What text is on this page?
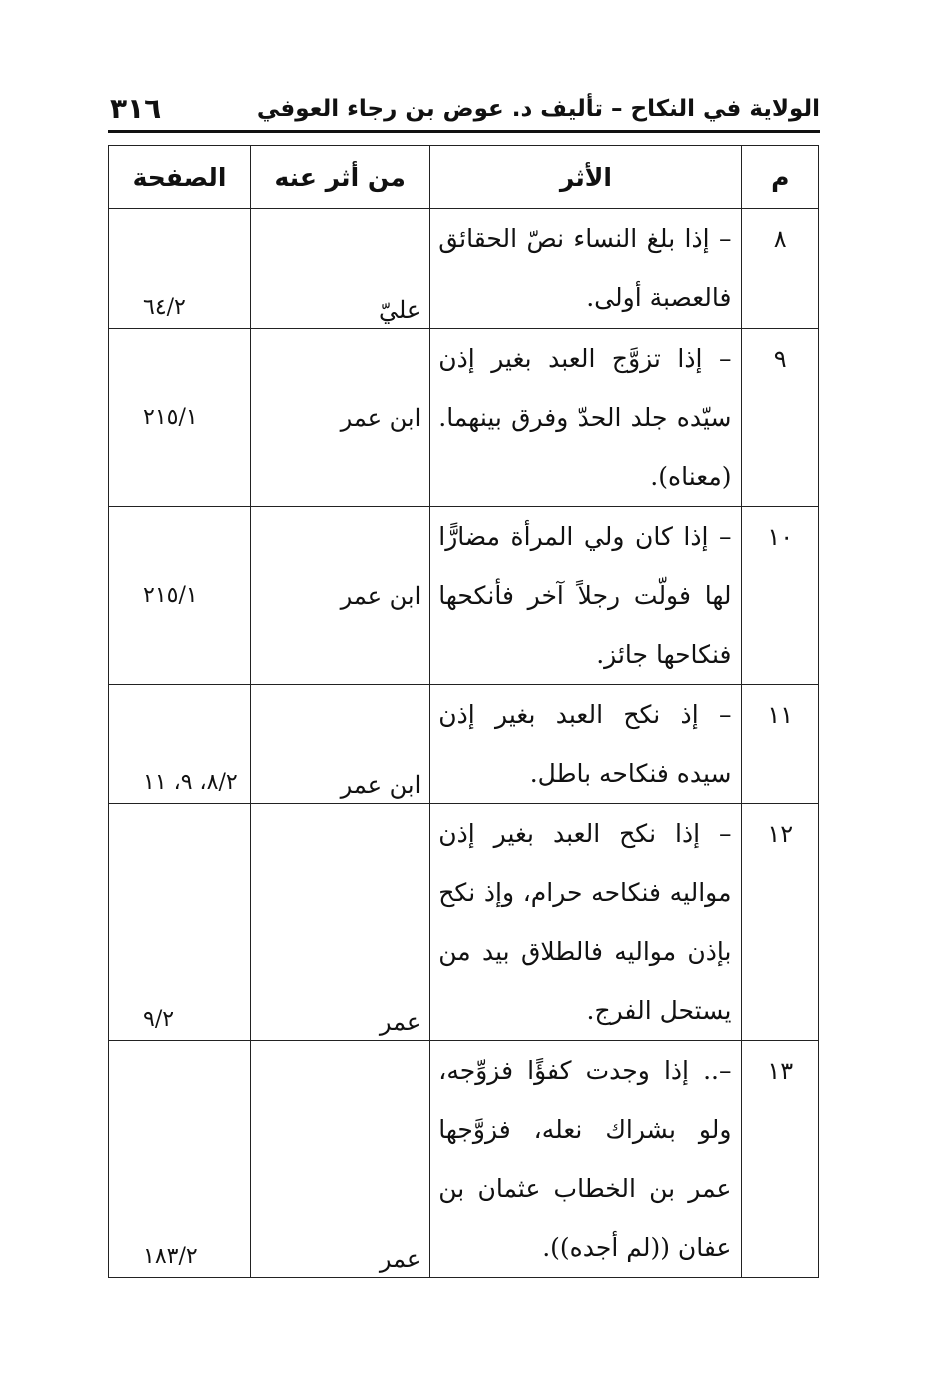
الولاية في النكاح – تأليف د. عوض بن رجاء العوفي
٣١٦
م	الأثر	من أثر عنه	الصفحة
٨	– إذا بلغ النساء نصّ الحقائق فالعصبة أولى.	عليّ	٦٤/٢
٩	– إذا تزوَّج العبد بغير إذن سيّده جلد الحدّ وفرق بينهما. (معناه).	ابن عمر	٢١٥/١
١٠	– إذا كان ولي المرأة مضارًّا لها فولّت رجلاً آخر فأنكحها فنكاحها جائز.	ابن عمر	٢١٥/١
١١	– إذ نكح العبد بغير إذن سيده فنكاحه باطل.	ابن عمر	٨/٢، ٩، ١١
١٢	– إذا نكح العبد بغير إذن مواليه فنكاحه حرام، وإذ نكح بإذن مواليه فالطلاق بيد من يستحل الفرج.	عمر	٩/٢
١٣	–.. إذا وجدت كفؤًا فزوِّجه، ولو بشراك نعله، فزوَّجها عمر بن الخطاب عثمان بن عفان ((لم أجده)).	عمر	١٨٣/٢
